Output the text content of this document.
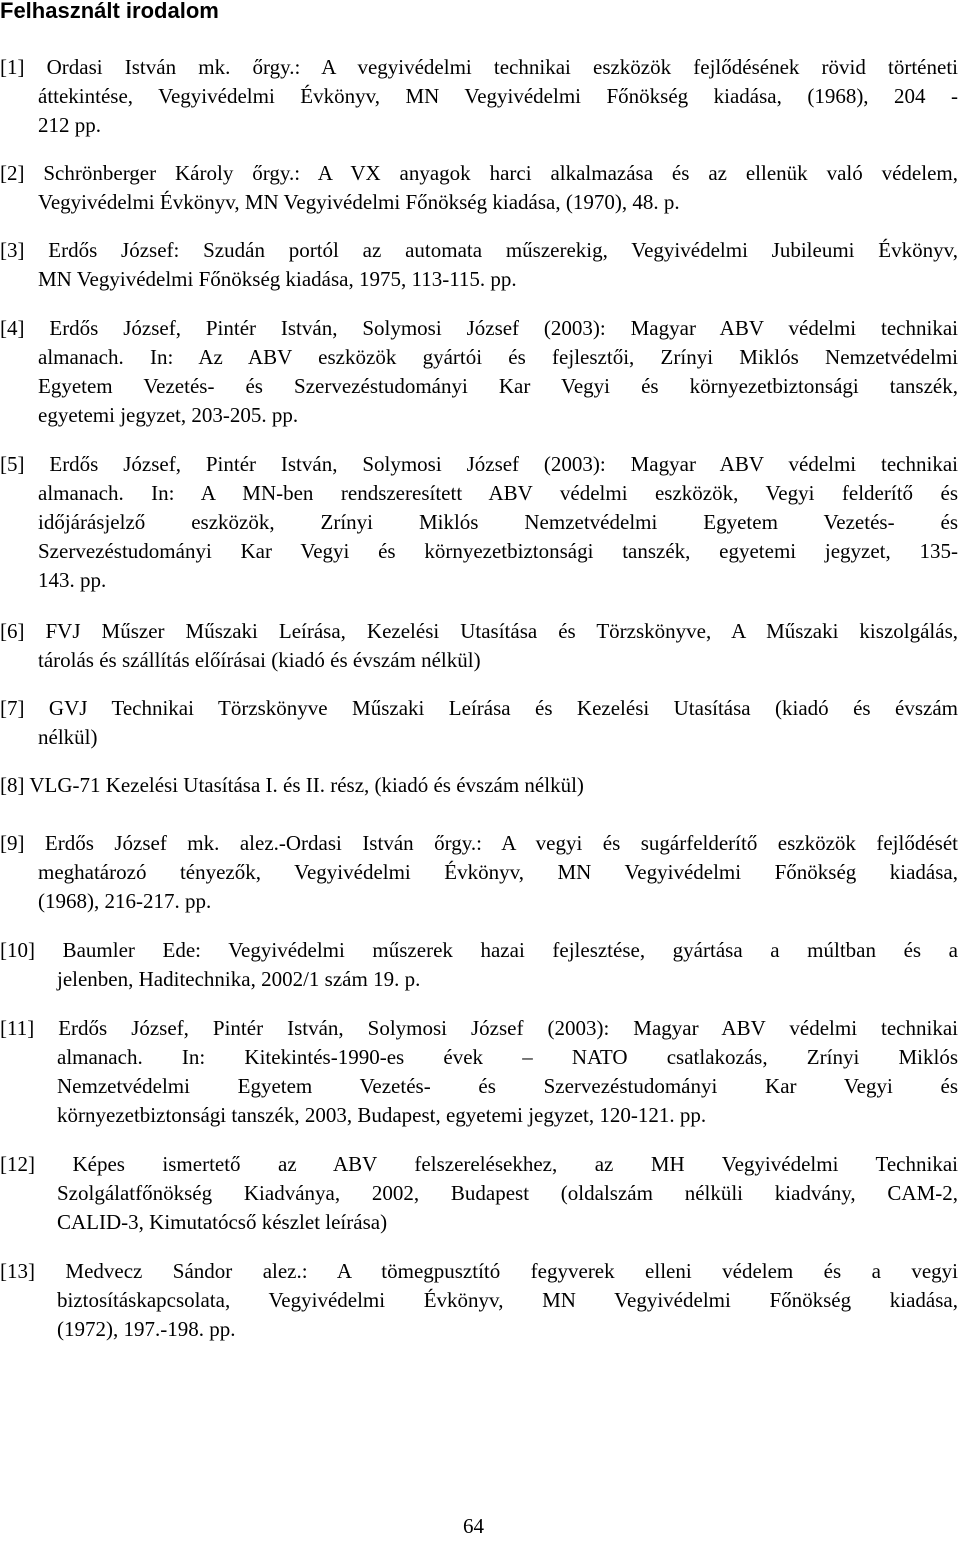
Felhasznált irodalom
[1] Ordasi István mk. őrgy.: A vegyivédelmi technikai eszközök fejlődésének rövid történeti
áttekintése, Vegyivédelmi Évkönyv, MN Vegyivédelmi Főnökség kiadása, (1968), 204 -
212 pp.
[2] Schrönberger Károly őrgy.: A VX anyagok harci alkalmazása és az ellenük való védelem,
Vegyivédelmi Évkönyv, MN Vegyivédelmi Főnökség kiadása, (1970), 48. p.
[3] Erdős József: Szudán portól az automata műszerekig, Vegyivédelmi Jubileumi Évkönyv,
MN Vegyivédelmi Főnökség kiadása, 1975, 113-115. pp.
[4] Erdős József, Pintér István, Solymosi József (2003): Magyar ABV védelmi technikai
almanach. In: Az ABV eszközök gyártói és fejlesztői, Zrínyi Miklós Nemzetvédelmi
Egyetem Vezetés- és Szervezéstudományi Kar Vegyi és környezetbiztonsági tanszék,
egyetemi jegyzet, 203-205. pp.
[5] Erdős József, Pintér István, Solymosi József (2003): Magyar ABV védelmi technikai
almanach. In: A MN-ben rendszeresített ABV védelmi eszközök, Vegyi felderítő és
időjárásjelző eszközök, Zrínyi Miklós Nemzetvédelmi Egyetem Vezetés- és
Szervezéstudományi Kar Vegyi és környezetbiztonsági tanszék, egyetemi jegyzet, 135-
143. pp.
[6] FVJ Műszer Műszaki Leírása, Kezelési Utasítása és Törzskönyve, A Műszaki kiszolgálás,
tárolás és szállítás előírásai (kiadó és évszám nélkül)
[7] GVJ Technikai Törzskönyve Műszaki Leírása és Kezelési Utasítása (kiadó és évszám
nélkül)
[8] VLG-71 Kezelési Utasítása I. és II. rész, (kiadó és évszám nélkül)
[9] Erdős József mk. alez.-Ordasi István őrgy.: A vegyi és sugárfelderítő eszközök fejlődését
meghatározó tényezők, Vegyivédelmi Évkönyv, MN Vegyivédelmi Főnökség kiadása,
(1968), 216-217. pp.
[10] Baumler Ede: Vegyivédelmi műszerek hazai fejlesztése, gyártása a múltban és a
jelenben, Haditechnika, 2002/1 szám 19. p.
[11] Erdős József, Pintér István, Solymosi József (2003): Magyar ABV védelmi technikai
almanach. In: Kitekintés-1990-es évek – NATO csatlakozás, Zrínyi Miklós
Nemzetvédelmi Egyetem Vezetés- és Szervezéstudományi Kar Vegyi és
környezetbiztonsági tanszék, 2003, Budapest, egyetemi jegyzet, 120-121. pp.
[12] Képes ismertető az ABV felszerelésekhez, az MH Vegyivédelmi Technikai
Szolgálatfőnökség Kiadványa, 2002, Budapest (oldalszám nélküli kiadvány, CAM-2,
CALID-3, Kimutatócső készlet leírása)
[13] Medvecz Sándor alez.: A tömegpusztító fegyverek elleni védelem és a vegyi
biztosításkapcsolata, Vegyivédelmi Évkönyv, MN Vegyivédelmi Főnökség kiadása,
(1972), 197.-198. pp.
64
